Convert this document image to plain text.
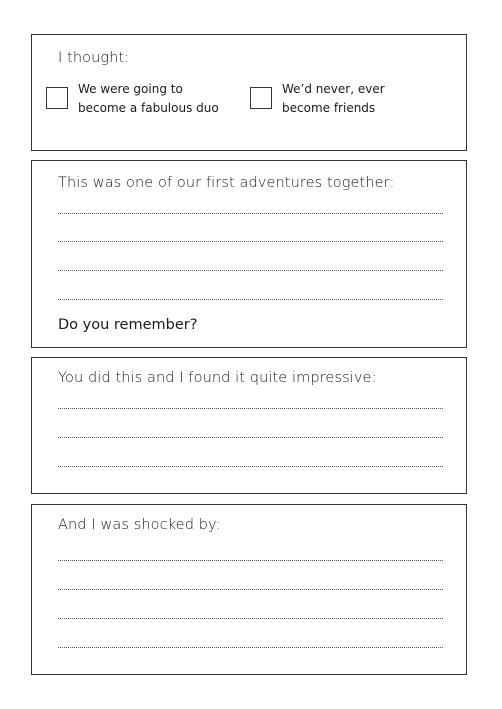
I thought:
We were going to
become a fabulous duo
We’d never, ever
become friends
This was one of our first adventures together:
Do you remember?
You did this and I found it quite impressive:
And I was shocked by:
